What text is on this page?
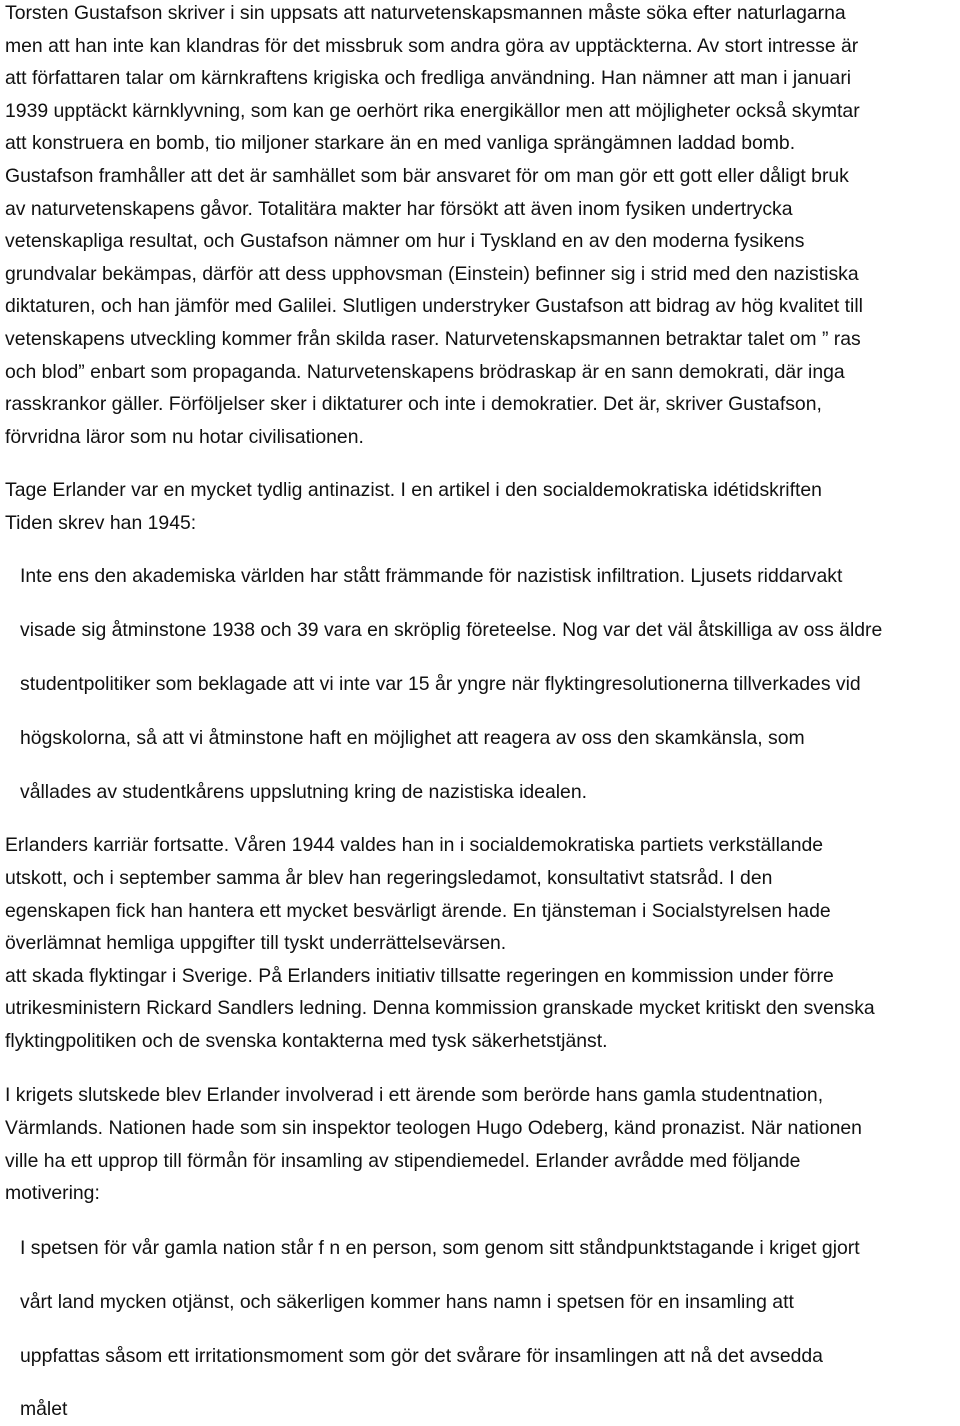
Torsten Gustafson skriver i sin uppsats att naturvetenskapsmannen måste söka efter naturlagarna
men att han inte kan klandras för det missbruk som andra göra av upptäckterna. Av stort intresse är
att författaren talar om kärnkraftens krigiska och fredliga användning. Han nämner att man i januari
1939 upptäckt kärnklyvning, som kan ge oerhört rika energikällor men att möjligheter också skymtar
att konstruera en bomb, tio miljoner starkare än en med vanliga sprängämnen laddad bomb.
Gustafson framhåller att det är samhället som bär ansvaret för om man gör ett gott eller dåligt bruk
av naturvetenskapens gåvor. Totalitära makter har försökt att även inom fysiken undertrycka
vetenskapliga resultat, och Gustafson nämner om hur i Tyskland en av den moderna fysikens
grundvalar bekämpas, därför att dess upphovsman (Einstein) befinner sig i strid med den nazistiska
diktaturen, och han jämför med Galilei. Slutligen understryker Gustafson att bidrag av hög kvalitet till
vetenskapens utveckling kommer från skilda raser. Naturvetenskapsmannen betraktar talet om ” ras
och blod” enbart som propaganda. Naturvetenskapens brödraskap är en sann demokrati, där inga
rasskrankor gäller. Förföljelser sker i diktaturer och inte i demokratier. Det är, skriver Gustafson,
förvridna läror som nu hotar civilisationen.
Tage Erlander var en mycket tydlig antinazist. I en artikel i den socialdemokratiska idétidskriften
Tiden skrev han 1945:
Inte ens den akademiska världen har stått främmande för nazistisk infiltration. Ljusets riddarvakt
visade sig åtminstone 1938 och 39 vara en skröplig företeelse. Nog var det väl åtskilliga av oss äldre
studentpolitiker som beklagade att vi inte var 15 år yngre när flyktingresolutionerna tillverkades vid
högskolorna, så att vi åtminstone haft en möjlighet att reagera av oss den skamkänsla, som
vållades av studentkårens uppslutning kring de nazistiska idealen.
Erlanders karriär fortsatte. Våren 1944 valdes han in i socialdemokratiska partiets verkställande
utskott, och i september samma år blev han regeringsledamot, konsultativt statsråd. I den
egenskapen fick han hantera ett mycket besvärligt ärende. En tjänsteman i Socialstyrelsen hade
överlämnat hemliga uppgifter till tyskt underrättelsevärsen.
att skada flyktingar i Sverige. På Erlanders initiativ tillsatte regeringen en kommission under förre
utrikesministern Rickard Sandlers ledning. Denna kommission granskade mycket kritiskt den svenska
flyktingpolitiken och de svenska kontakterna med tysk säkerhetstjänst.
I krigets slutskede blev Erlander involverad i ett ärende som berörde hans gamla studentnation,
Värmlands. Nationen hade som sin inspektor teologen Hugo Odeberg, känd pronazist. När nationen
ville ha ett upprop till förmån för insamling av stipendiemedel. Erlander avrådde med följande
motivering:
I spetsen för vår gamla nation står f n en person, som genom sitt ståndpunktstagande i kriget gjort
vårt land mycken otjänst, och säkerligen kommer hans namn i spetsen för en insamling att
uppfattas såsom ett irritationsmoment som gör det svårare för insamlingen att nå det avsedda
målet
